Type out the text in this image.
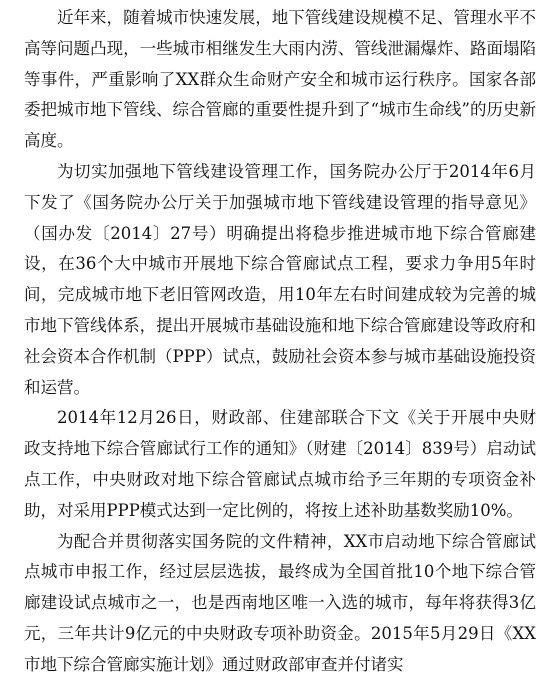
近年来，随着城市快速发展，地下管线建设规模不足、管理水平不高等问题凸现，一些城市相继发生大雨内涝、管线泄漏爆炸、路面塌陷等事件，严重影响了XX群众生命财产安全和城市运行秩序。国家各部委把城市地下管线、综合管廊的重要性提升到了“城市生命线”的历史新高度。

为切实加强地下管线建设管理工作，国务院办公厅于2014年6月下发了《国务院办公厅关于加强城市地下管线建设管理的指导意见》（国办发〔2014〕27号）明确提出将稳步推进城市地下综合管廊建设，在36个大中城市开展地下综合管廊试点工程，要求力争用5年时间，完成城市地下老旧管网改造，用10年左右时间建成较为完善的城市地下管线体系，提出开展城市基础设施和地下综合管廊建设等政府和社会资本合作机制（PPP）试点，鼓励社会资本参与城市基础设施投资和运营。

2014年12月26日，财政部、住建部联合下文《关于开展中央财政支持地下综合管廊试行工作的通知》（财建〔2014〕839号）启动试点工作，中央财政对地下综合管廊试点城市给予三年期的专项资金补助，对采用PPP模式达到一定比例的，将按上述补助基数奖励10%。

为配合并贯彻落实国务院的文件精神，XX市启动地下综合管廊试点城市申报工作，经过层层选拔，最终成为全国首批10个地下综合管廊建设试点城市之一，也是西南地区唯一入选的城市，每年将获得3亿元，三年共计9亿元的中央财政专项补助资金。2015年5月29日《XX市地下综合管廊实施计划》通过财政部审查并付诸实
